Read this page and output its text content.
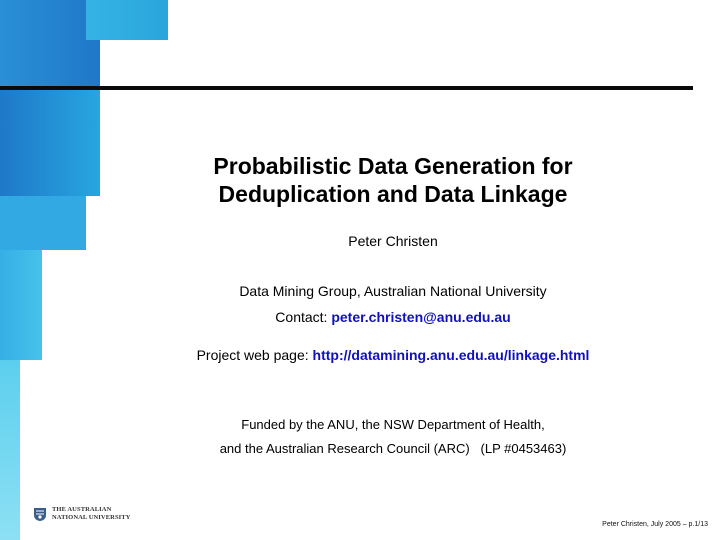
Probabilistic Data Generation for
Deduplication and Data Linkage
Peter Christen
Data Mining Group, Australian National University
Contact: peter.christen@anu.edu.au
Project web page: http://datamining.anu.edu.au/linkage.html
Funded by the ANU, the NSW Department of Health,
and the Australian Research Council (ARC)   (LP #0453463)
THE AUSTRALIAN
NATIONAL UNIVERSITY
Peter Christen, July 2005 – p.1/13
